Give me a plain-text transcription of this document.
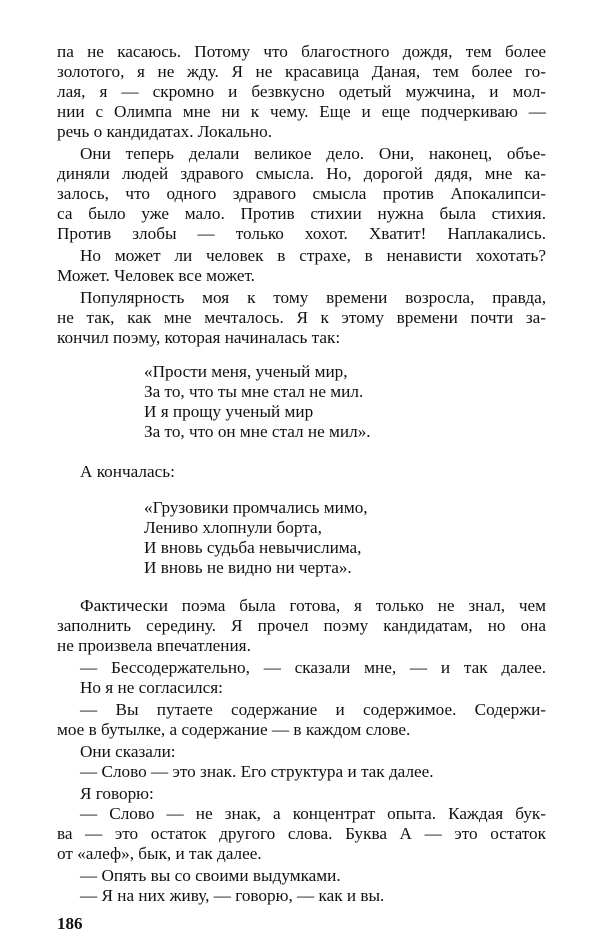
па не касаюсь. Потому что благостного дождя, тем более
золотого, я не жду. Я не красавица Даная, тем более го-
лая, я — скромно и безвкусно одетый мужчина, и мол-
нии с Олимпа мне ни к чему. Еще и еще подчеркиваю —
речь о кандидатах. Локально.
Они теперь делали великое дело. Они, наконец, объе-
диняли людей здравого смысла. Но, дорогой дядя, мне ка-
залось, что одного здравого смысла против Апокалипси-
са было уже мало. Против стихии нужна была стихия.
Против злобы — только хохот. Хватит! Наплакались.
Но может ли человек в страхе, в ненависти хохотать?
Может. Человек все может.
Популярность моя к тому времени возросла, правда,
не так, как мне мечталось. Я к этому времени почти за-
кончил поэму, которая начиналась так:
«Прости меня, ученый мир,
За то, что ты мне стал не мил.
И я прощу ученый мир
За то, что он мне стал не мил».
А кончалась:
«Грузовики промчались мимо,
Лениво хлопнули борта,
И вновь судьба невычислима,
И вновь не видно ни черта».
Фактически поэма была готова, я только не знал, чем
заполнить середину. Я прочел поэму кандидатам, но она
не произвела впечатления.
— Бессодержательно, — сказали мне, — и так далее.
Но я не согласился:
— Вы путаете содержание и содержимое. Содержи-
мое в бутылке, а содержание — в каждом слове.
Они сказали:
— Слово — это знак. Его структура и так далее.
Я говорю:
— Слово — не знак, а концентрат опыта. Каждая бук-
ва — это остаток другого слова. Буква А — это остаток
от «алеф», бык, и так далее.
— Опять вы со своими выдумками.
— Я на них живу, — говорю, — как и вы.
186
